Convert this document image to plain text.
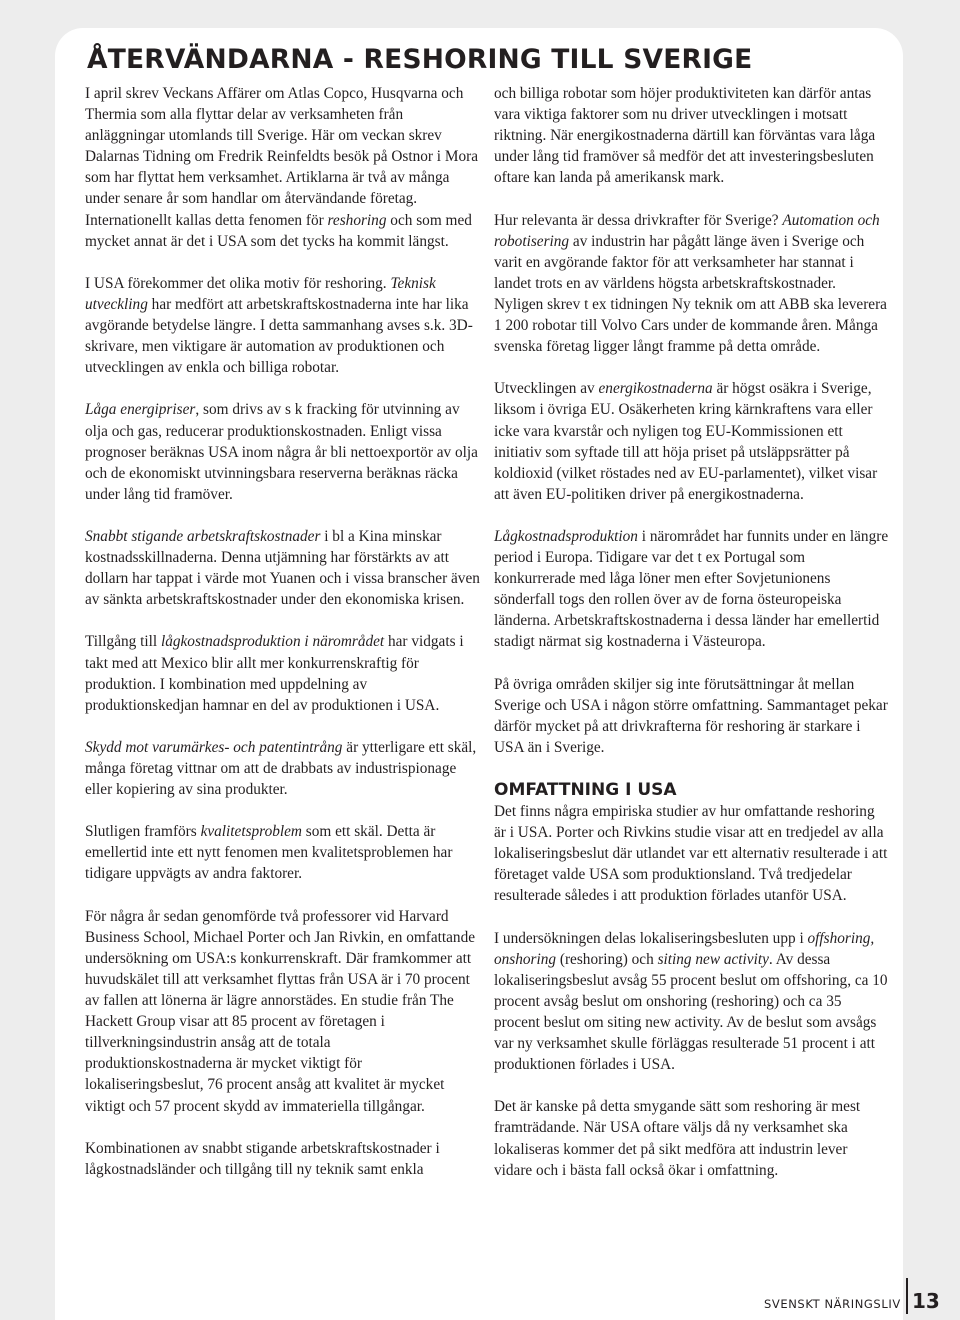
ÅTERVÄNDARNA - RESHORING TILL SVERIGE

I april skrev Veckans Affärer om Atlas Copco, Husqvarna och Thermia som alla flyttar delar av verksamheten från anläggningar utomlands till Sverige. Här om veckan skrev Dalarnas Tidning om Fredrik Reinfeldts besök på Ostnor i Mora som har flyttat hem verksamhet. Artiklarna är två av många under senare år som handlar om återvändande företag. Internationellt kallas detta fenomen för reshoring och som med mycket annat är det i USA som det tycks ha kommit längst.

I USA förekommer det olika motiv för reshoring. Teknisk utveckling har medfört att arbetskraftskostnaderna inte har lika avgörande betydelse längre. I detta sammanhang avses s.k. 3D-skrivare, men viktigare är automation av produktionen och utvecklingen av enkla och billiga robotar.

Låga energipriser, som drivs av s k fracking för utvinning av olja och gas, reducerar produktionskostnaden. Enligt vissa prognoser beräknas USA inom några år bli nettoexportör av olja och de ekonomiskt utvinningsbara reserverna beräknas räcka under lång tid framöver.

Snabbt stigande arbetskraftskostnader i bl a Kina minskar kostnadsskillnaderna. Denna utjämning har förstärkts av att dollarn har tappat i värde mot Yuanen och i vissa branscher även av sänkta arbetskraftskostnader under den ekonomiska krisen.

Tillgång till lågkostnadsproduktion i närområdet har vidgats i takt med att Mexico blir allt mer konkurrenskraftig för produktion. I kombination med uppdelning av produktionskedjan hamnar en del av produktionen i USA.

Skydd mot varumärkes- och patentintrång är ytterligare ett skäl, många företag vittnar om att de drabbats av industrispionage eller kopiering av sina produkter.

Slutligen framförs kvalitetsproblem som ett skäl. Detta är emellertid inte ett nytt fenomen men kvalitetsproblemen har tidigare uppvägts av andra faktorer.

För några år sedan genomförde två professorer vid Harvard Business School, Michael Porter och Jan Rivkin, en omfattande undersökning om USA:s konkurrenskraft. Där framkommer att huvudskälet till att verksamhet flyttas från USA är i 70 procent av fallen att lönerna är lägre annorstädes. En studie från The Hackett Group visar att 85 procent av företagen i tillverkningsindustrin ansåg att de totala produktionskostnaderna är mycket viktigt för lokaliseringsbeslut, 76 procent ansåg att kvalitet är mycket viktigt och 57 procent skydd av immateriella tillgångar.

Kombinationen av snabbt stigande arbetskraftskostnader i lågkostnadsländer och tillgång till ny teknik samt enkla

och billiga robotar som höjer produktiviteten kan därför antas vara viktiga faktorer som nu driver utvecklingen i motsatt riktning. När energikostnaderna därtill kan förväntas vara låga under lång tid framöver så medför det att investeringsbesluten oftare kan landa på amerikansk mark.

Hur relevanta är dessa drivkrafter för Sverige? Automation och robotisering av industrin har pågått länge även i Sverige och varit en avgörande faktor för att verksamheter har stannat i landet trots en av världens högsta arbetskraftskostnader. Nyligen skrev t ex tidningen Ny teknik om att ABB ska leverera 1 200 robotar till Volvo Cars under de kommande åren. Många svenska företag ligger långt framme på detta område.

Utvecklingen av energikostnaderna är högst osäkra i Sverige, liksom i övriga EU. Osäkerheten kring kärnkraftens vara eller icke vara kvarstår och nyligen tog EU-Kommissionen ett initiativ som syftade till att höja priset på utsläppsrätter på koldioxid (vilket röstades ned av EU-parlamentet), vilket visar att även EU-politiken driver på energikostnaderna.

Lågkostnadsproduktion i närområdet har funnits under en längre period i Europa. Tidigare var det t ex Portugal som konkurrerade med låga löner men efter Sovjetunionens sönderfall togs den rollen över av de forna östeuropeiska länderna. Arbetskraftskostnaderna i dessa länder har emellertid stadigt närmat sig kostnaderna i Västeuropa.

På övriga områden skiljer sig inte förutsättningar åt mellan Sverige och USA i någon större omfattning. Sammantaget pekar därför mycket på att drivkrafterna för reshoring är starkare i USA än i Sverige.

OMFATTNING I USA

Det finns några empiriska studier av hur omfattande reshoring är i USA. Porter och Rivkins studie visar att en tredjedel av alla lokaliseringsbeslut där utlandet var ett alternativ resulterade i att företaget valde USA som produktionsland. Två tredjedelar resulterade således i att produktion förlades utanför USA.

I undersökningen delas lokaliseringsbesluten upp i offshoring, onshoring (reshoring) och siting new activity. Av dessa lokaliseringsbeslut avsåg 55 procent beslut om offshoring, ca 10 procent avsåg beslut om onshoring (reshoring) och ca 35 procent beslut om siting new activity. Av de beslut som avsågs var ny verksamhet skulle förläggas resulterade 51 procent i att produktionen förlades i USA.

Det är kanske på detta smygande sätt som reshoring är mest framträdande. När USA oftare väljs då ny verksamhet ska lokaliseras kommer det på sikt medföra att industrin lever vidare och i bästa fall också ökar i omfattning.

SVENSKT NÄRINGSLIV 13
